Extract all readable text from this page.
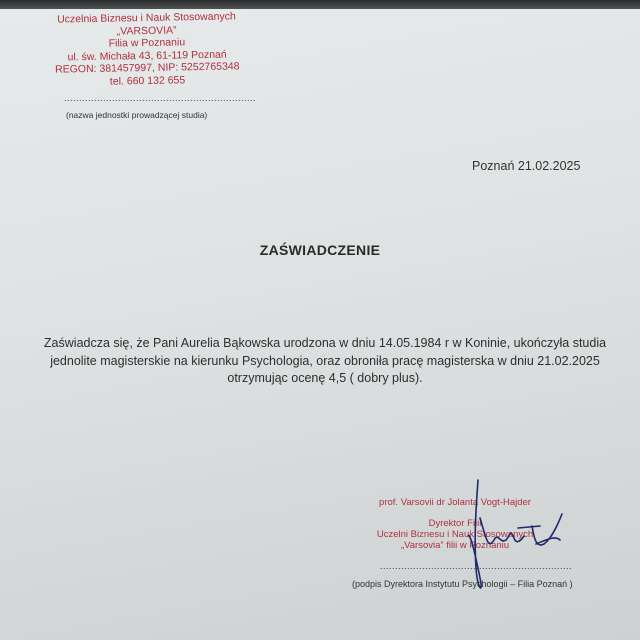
Uczelnia Biznesu i Nauk Stosowanych
„VARSOVIA”
Filia w Poznaniu
ul. św. Michała 43, 61-119 Poznań
REGON: 381457997, NIP: 5252765348
tel. 660 132 655
................................................................
(nazwa jednostki prowadzącej studia)
Poznań 21.02.2025
ZAŚWIADCZENIE
Zaświadcza się, że Pani Aurelia Bąkowska urodzona w dniu 14.05.1984 r w Koninie, ukończyła studia jednolite magisterskie na kierunku Psychologia, oraz obroniła pracę magisterska w dniu 21.02.2025 otrzymując ocenę 4,5 ( dobry plus).
prof. Varsovii dr Jolanta Vogt-Hajder
Dyrektor Filii
Uczelni Biznesu i Nauk Stosowanych
„Varsovia” filii w Poznaniu
................................................................
(podpis Dyrektora Instytutu Psychologii – Filia Poznań )
